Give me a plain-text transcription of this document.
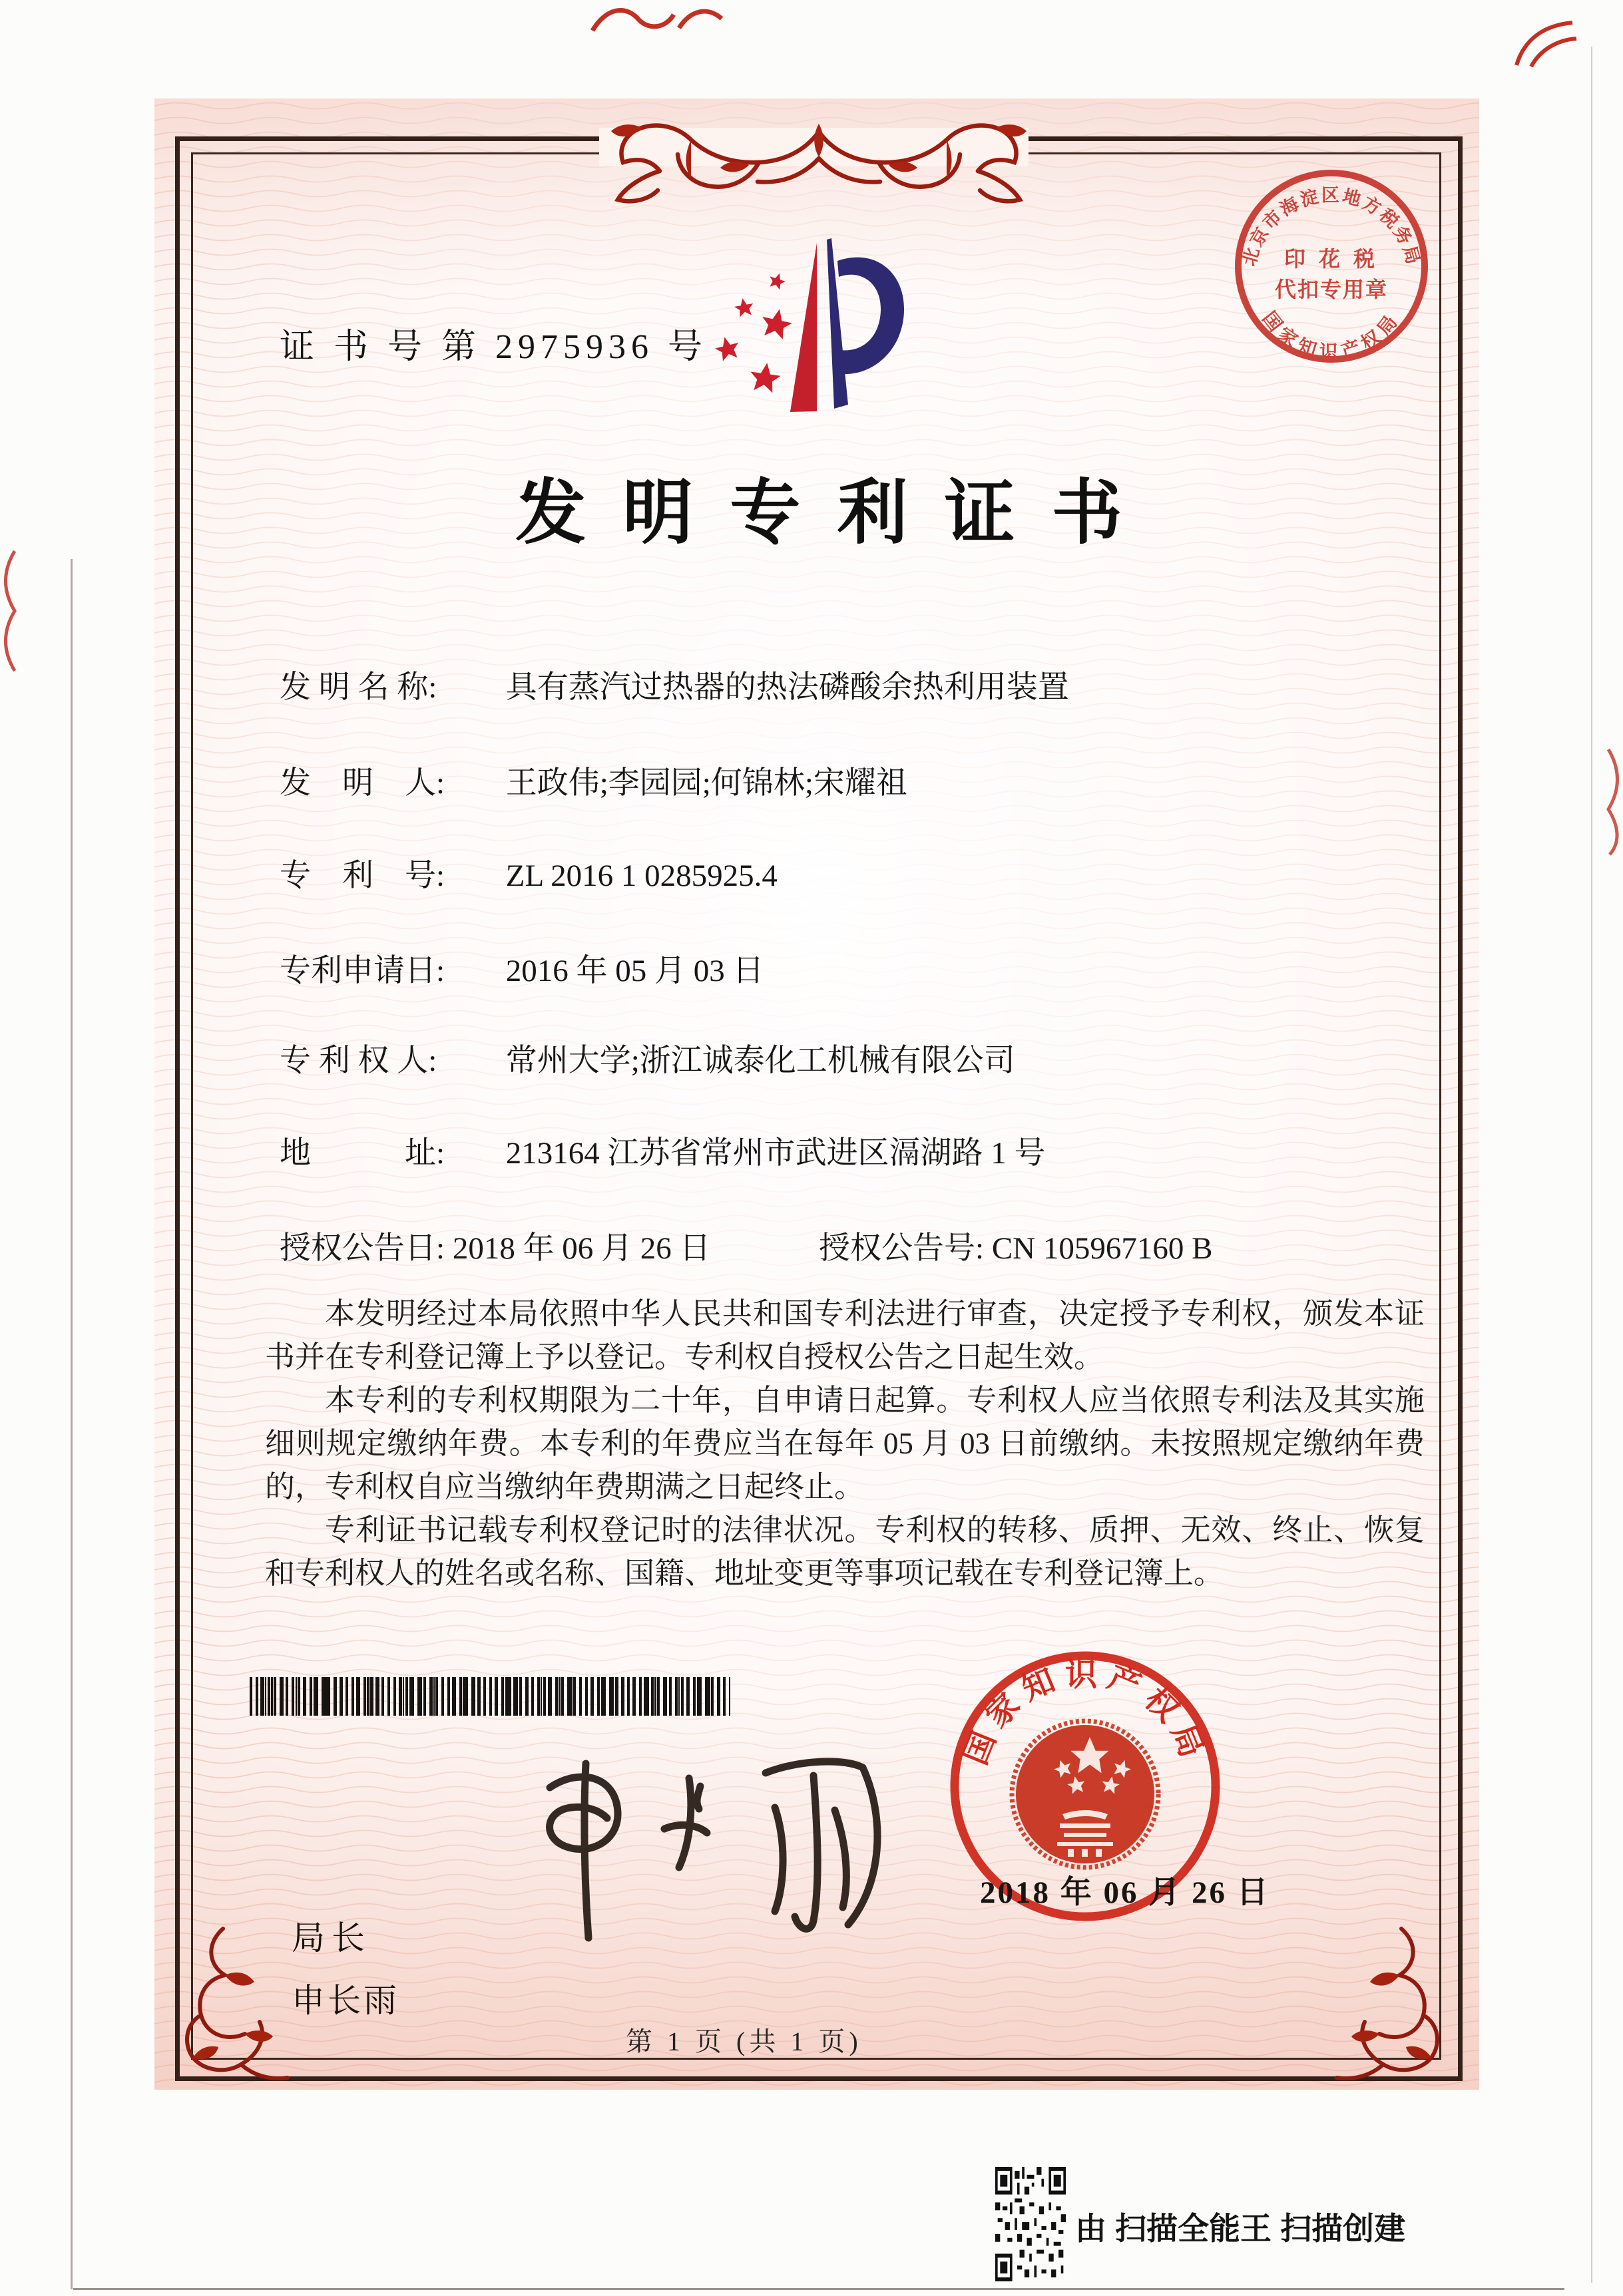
证 书 号 第 2975936 号
北京市海淀区地方税务局
印 花 税
代扣专用章
国家知识产权局
发明专利证书
发 明 名 称: 具有蒸汽过热器的热法磷酸余热利用装置
发　明　人: 王政伟;李园园;何锦林;宋耀祖
专　利　号: ZL 2016 1 0285925.4
专利申请日: 2016 年 05 月 03 日
专 利 权 人: 常州大学;浙江诚泰化工机械有限公司
地　　　址: 213164 江苏省常州市武进区滆湖路 1 号
授权公告日: 2018 年 06 月 26 日	授权公告号: CN 105967160 B

本发明经过本局依照中华人民共和国专利法进行审查，决定授予专利权，颁发本证书并在专利登记簿上予以登记。专利权自授权公告之日起生效。

本专利的专利权期限为二十年，自申请日起算。专利权人应当依照专利法及其实施细则规定缴纳年费。本专利的年费应当在每年 05 月 03 日前缴纳。未按照规定缴纳年费的，专利权自应当缴纳年费期满之日起终止。

专利证书记载专利权登记时的法律状况。专利权的转移、质押、无效、终止、恢复和专利权人的姓名或名称、国籍、地址变更等事项记载在专利登记簿上。

局长
申长雨
国家知识产权局
2018 年 06 月 26 日
第 1 页 (共 1 页)
由 扫描全能王 扫描创建
